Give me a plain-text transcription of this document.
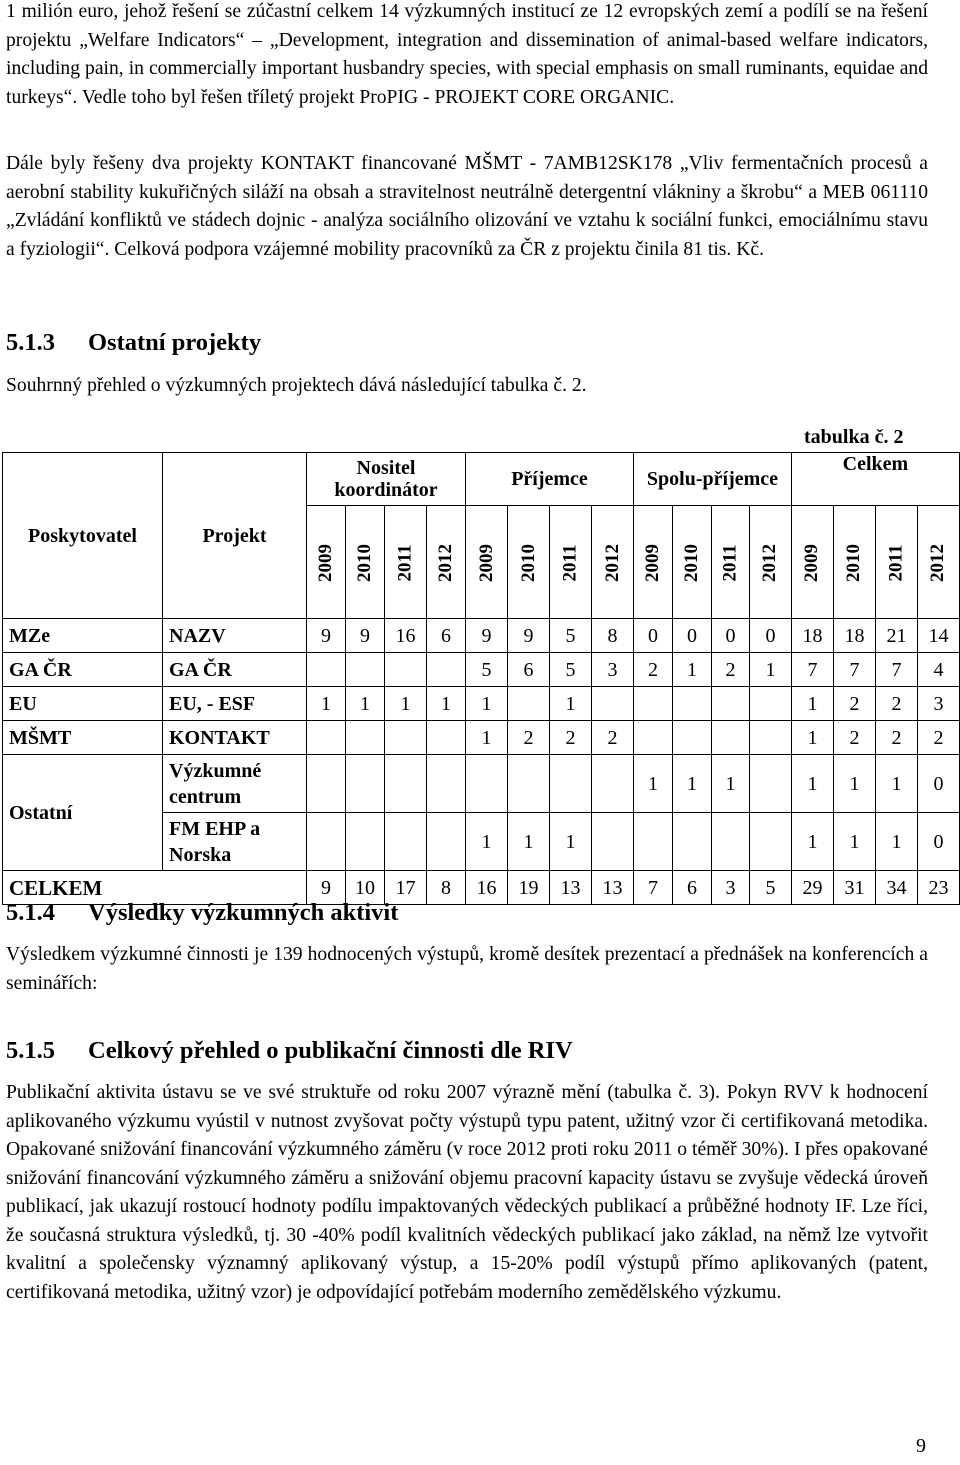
1 milión euro, jehož řešení se zúčastní celkem 14 výzkumných institucí ze 12 evropských zemí a podílí se na řešení projektu „Welfare Indicators“ – „Development, integration and dissemination of animal-based welfare indicators, including pain, in commercially important husbandry species, with special emphasis on small ruminants, equidae and turkeys“. Vedle toho byl řešen tříletý projekt ProPIG - PROJEKT CORE ORGANIC.

Dále byly řešeny dva projekty KONTAKT financované MŠMT - 7AMB12SK178 „Vliv fermentačních procesů a aerobní stability kukuřičných siláží na obsah a stravitelnost neutrálně detergentní vlákniny a škrobu“ a MEB 061110 „Zvládání konfliktů ve stádech dojnic - analýza sociálního olizování ve vztahu k sociální funkci, emociálnímu stavu a fyziologii“. Celková podpora vzájemné mobility pracovníků za ČR z projektu činila 81 tis. Kč.

5.1.3 Ostatní projekty

Souhrnný přehled o výzkumných projektech dává následující tabulka č. 2.

tabulka č. 2
Poskytovatel	Projekt	Nositel koordinátor				Příjemce				Spolu-příjemce				Celkem			
		2009	2010	2011	2012	2009	2010	2011	2012	2009	2010	2011	2012	2009	2010	2011	2012
MZe	NAZV	9	9	16	6	9	9	5	8	0	0	0	0	18	18	21	14
GA ČR	GA ČR					5	6	5	3	2	1	2	1	7	7	7	4
EU	EU, - ESF	1	1	1	1	1		1						1	2	2	3
MŠMT	KONTAKT					1	2	2	2					1	2	2	2
Ostatní	Výzkumné centrum									1	1	1		1	1	1	0
	FM EHP a Norska					1	1	1						1	1	1	0
CELKEM		9	10	17	8	16	19	13	13	7	6	3	5	29	31	34	23
5.1.4 Výsledky výzkumných aktivit

Výsledkem výzkumné činnosti je 139 hodnocených výstupů, kromě desítek prezentací a přednášek na konferencích a seminářích:

5.1.5 Celkový přehled o publikační činnosti dle RIV

Publikační aktivita ústavu se ve své struktuře od roku 2007 výrazně mění (tabulka č. 3). Pokyn RVV k hodnocení aplikovaného výzkumu vyústil v nutnost zvyšovat počty výstupů typu patent, užitný vzor či certifikovaná metodika. Opakované snižování financování výzkumného záměru (v roce 2012 proti roku 2011 o téměř 30%). I přes opakované snižování financování výzkumného záměru a snižování objemu pracovní kapacity ústavu se zvyšuje vědecká úroveň publikací, jak ukazují rostoucí hodnoty podílu impaktovaných vědeckých publikací a průběžné hodnoty IF. Lze říci, že současná struktura výsledků, tj. 30 -40% podíl kvalitních vědeckých publikací jako základ, na němž lze vytvořit kvalitní a společensky významný aplikovaný výstup, a 15-20% podíl výstupů přímo aplikovaných (patent, certifikovaná metodika, užitný vzor) je odpovídající potřebám moderního zemědělského výzkumu.

9
